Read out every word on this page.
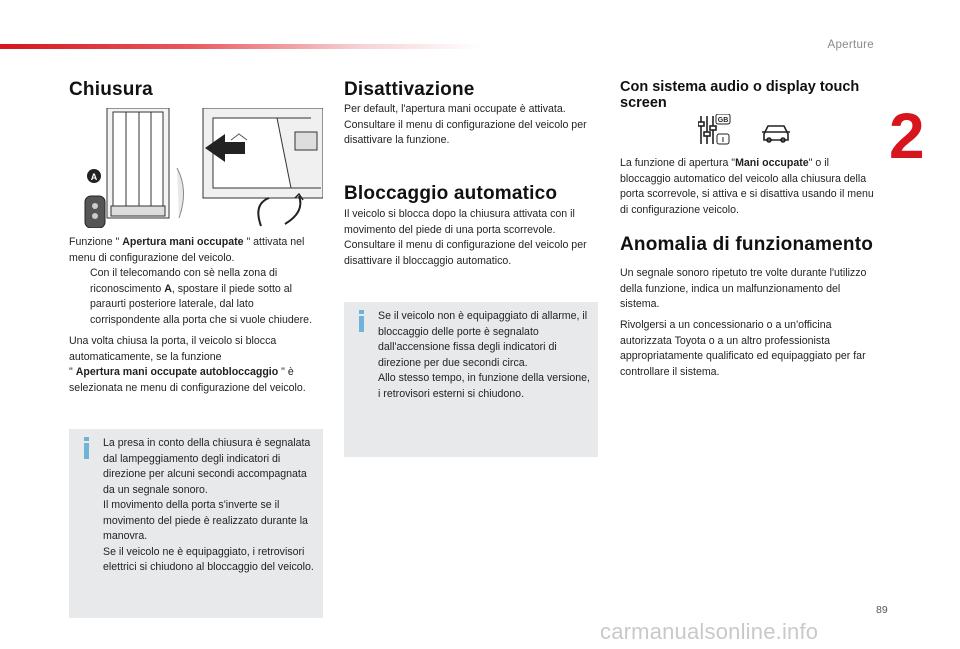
Aperture
2
Chiusura
A

Funzione " Apertura mani occupate " attivata nel menu di configurazione del veicolo.

Con il telecomando con sè nella zona di riconoscimento A, spostare il piede sotto al paraurti posteriore laterale, dal lato corrispondente alla porta che si vuole chiudere.

Una volta chiusa la porta, il veicolo si blocca automaticamente, se la funzione
" Apertura mani occupate autobloccaggio " è selezionata ne menu di configurazione del veicolo.

La presa in conto della chiusura è segnalata dal lampeggiamento degli indicatori di direzione per alcuni secondi accompagnata da un segnale sonoro.
Il movimento della porta s'inverte se il movimento del piede è realizzato durante la manovra.
Se il veicolo ne è equipaggiato, i retrovisori elettrici si chiudono al bloccaggio del veicolo.

Disattivazione

Per default, l'apertura mani occupate è attivata.
Consultare il menu di configurazione del veicolo per disattivare la funzione.

Bloccaggio automatico

Il veicolo si blocca dopo la chiusura attivata con il movimento del piede di una porta scorrevole.
Consultare il menu di configurazione del veicolo per disattivare il bloccaggio automatico.

Se il veicolo non è equipaggiato di allarme, il bloccaggio delle porte è segnalato dall'accensione fissa degli indicatori di direzione per due secondi circa.
Allo stesso tempo, in funzione della versione, i retrovisori esterni si chiudono.

Con sistema audio o display touch screen
GB
I

La funzione di apertura "Mani occupate" o il bloccaggio automatico del veicolo alla chiusura della porta scorrevole, si attiva e si disattiva usando il menu di configurazione veicolo.

Anomalia di funzionamento

Un segnale sonoro ripetuto tre volte durante l'utilizzo della funzione, indica un malfunzionamento del sistema.

Rivolgersi a un concessionario o a un'officina autorizzata Toyota o a un altro professionista appropriatamente qualificato ed equipaggiato per far controllare il sistema.

89
carmanualsonline.info
